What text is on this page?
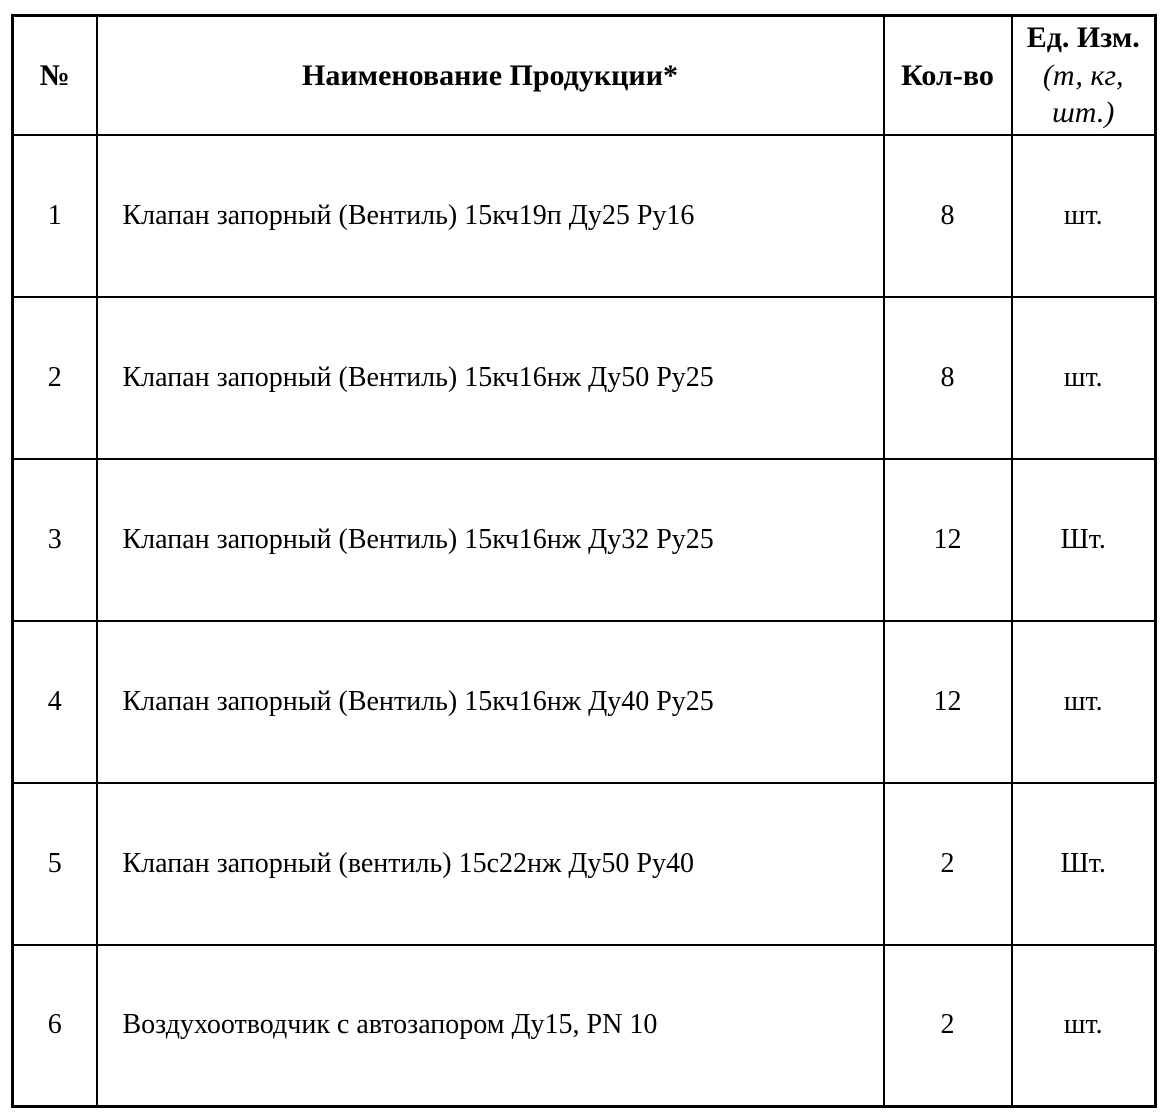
№	Наименование Продукции*	Кол-во	Ед. Изм. (т, кг, шт.)
1	Клапан запорный (Вентиль) 15кч19п Ду25 Ру16	8	шт.
2	Клапан запорный (Вентиль) 15кч16нж Ду50 Ру25	8	шт.
3	Клапан запорный (Вентиль) 15кч16нж Ду32 Ру25	12	Шт.
4	Клапан запорный (Вентиль) 15кч16нж Ду40 Ру25	12	шт.
5	Клапан запорный (вентиль) 15с22нж Ду50 Ру40	2	Шт.
6	Воздухоотводчик с автозапором Ду15, PN 10	2	шт.
